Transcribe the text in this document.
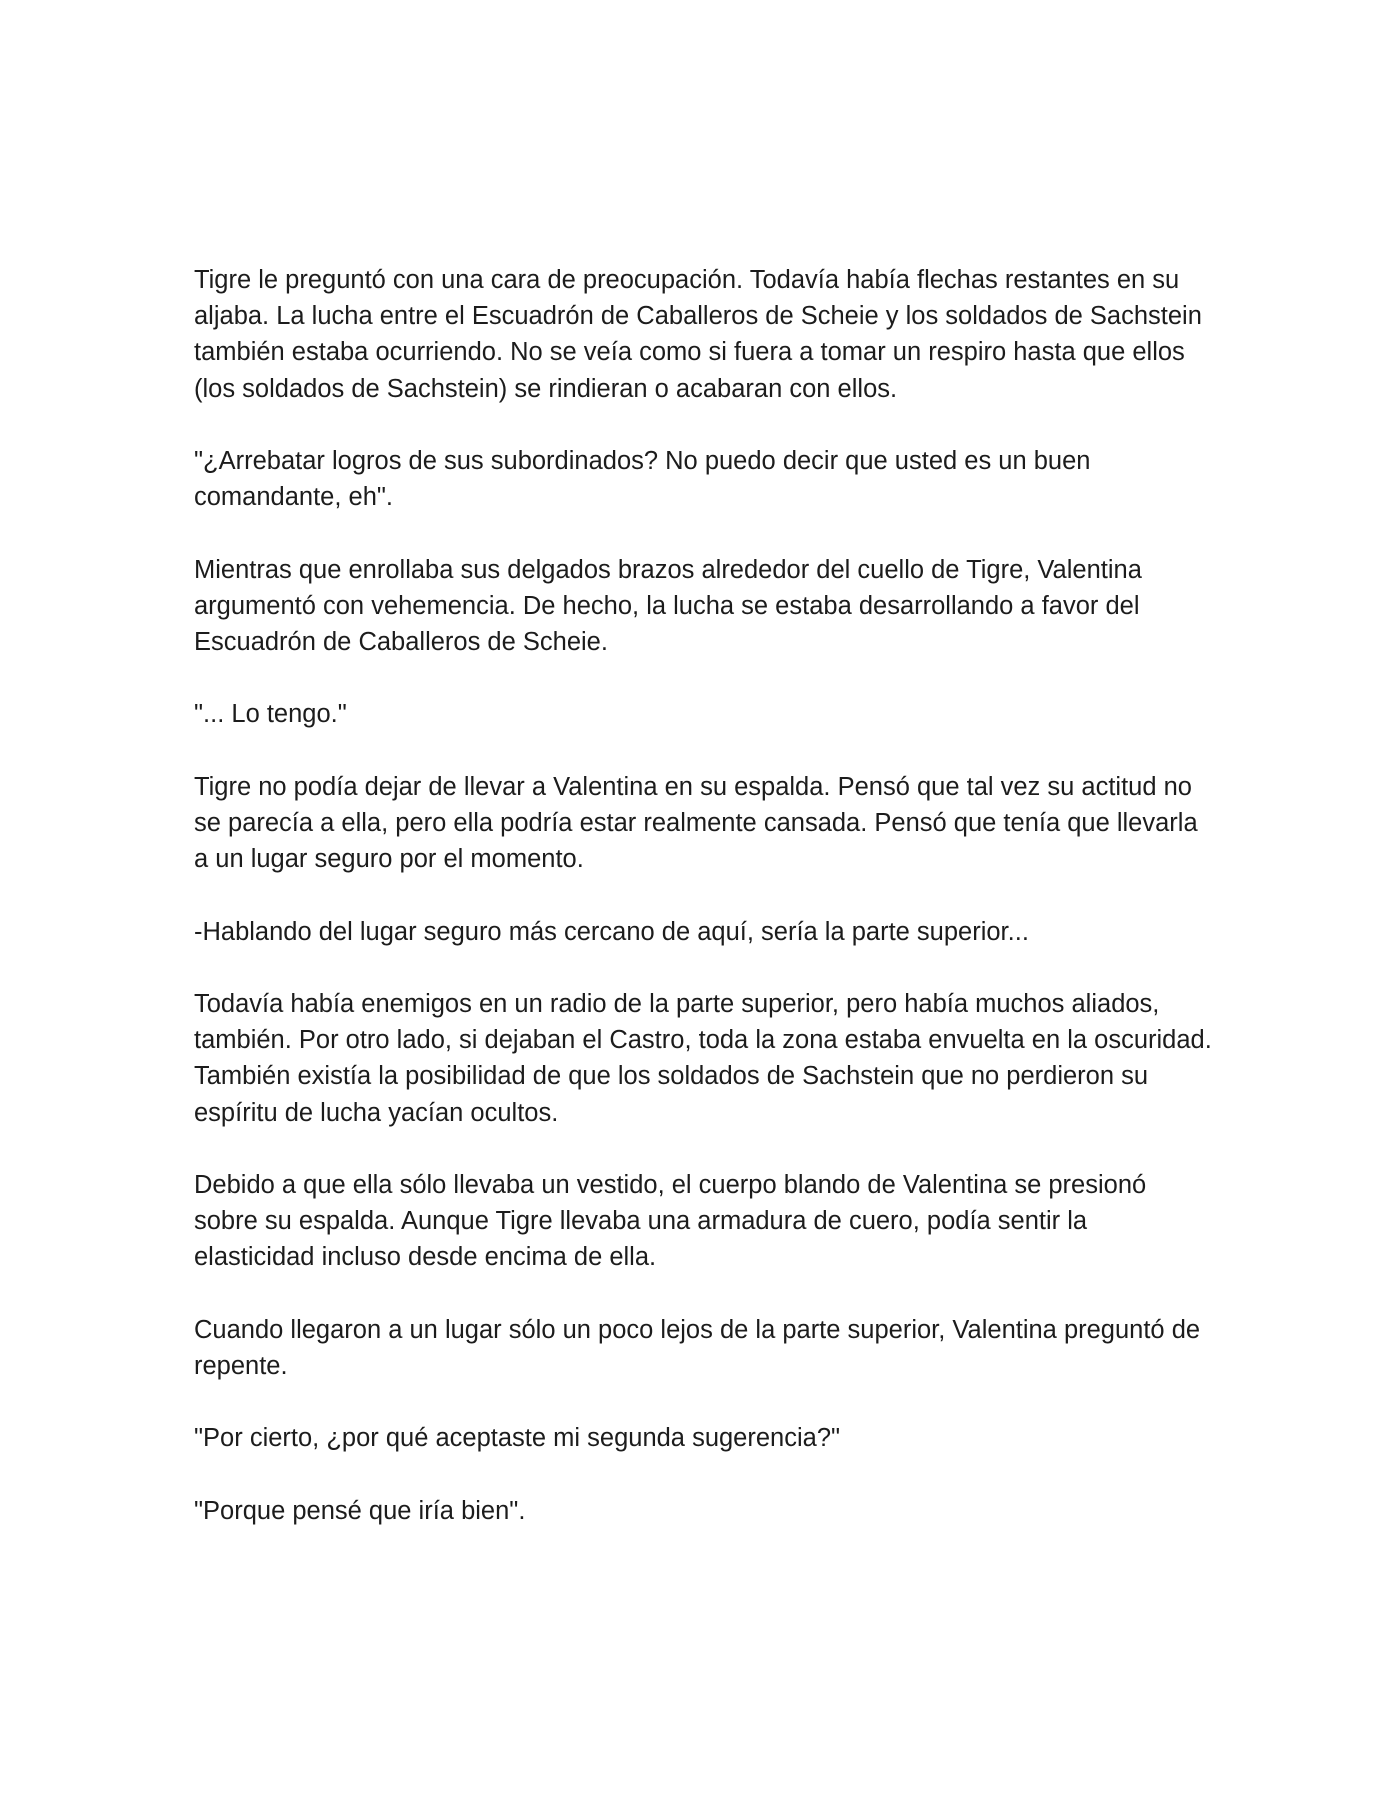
Tigre le preguntó con una cara de preocupación. Todavía había flechas restantes en su aljaba. La lucha entre el Escuadrón de Caballeros de Scheie y los soldados de Sachstein también estaba ocurriendo. No se veía como si fuera a tomar un respiro hasta que ellos (los soldados de Sachstein) se rindieran o acabaran con ellos.

"¿Arrebatar logros de sus subordinados? No puedo decir que usted es un buen comandante, eh".

Mientras que enrollaba sus delgados brazos alrededor del cuello de Tigre, Valentina argumentó con vehemencia. De hecho, la lucha se estaba desarrollando a favor del Escuadrón de Caballeros de Scheie.

"... Lo tengo."

Tigre no podía dejar de llevar a Valentina en su espalda. Pensó que tal vez su actitud no se parecía a ella, pero ella podría estar realmente cansada. Pensó que tenía que llevarla a un lugar seguro por el momento.

-Hablando del lugar seguro más cercano de aquí, sería la parte superior...

Todavía había enemigos en un radio de la parte superior, pero había muchos aliados, también. Por otro lado, si dejaban el Castro, toda la zona estaba envuelta en la oscuridad. También existía la posibilidad de que los soldados de Sachstein que no perdieron su espíritu de lucha yacían ocultos.

Debido a que ella sólo llevaba un vestido, el cuerpo blando de Valentina se presionó sobre su espalda. Aunque Tigre llevaba una armadura de cuero, podía sentir la elasticidad incluso desde encima de ella.

Cuando llegaron a un lugar sólo un poco lejos de la parte superior, Valentina preguntó de repente.

"Por cierto, ¿por qué aceptaste mi segunda sugerencia?"

"Porque pensé que iría bien".
